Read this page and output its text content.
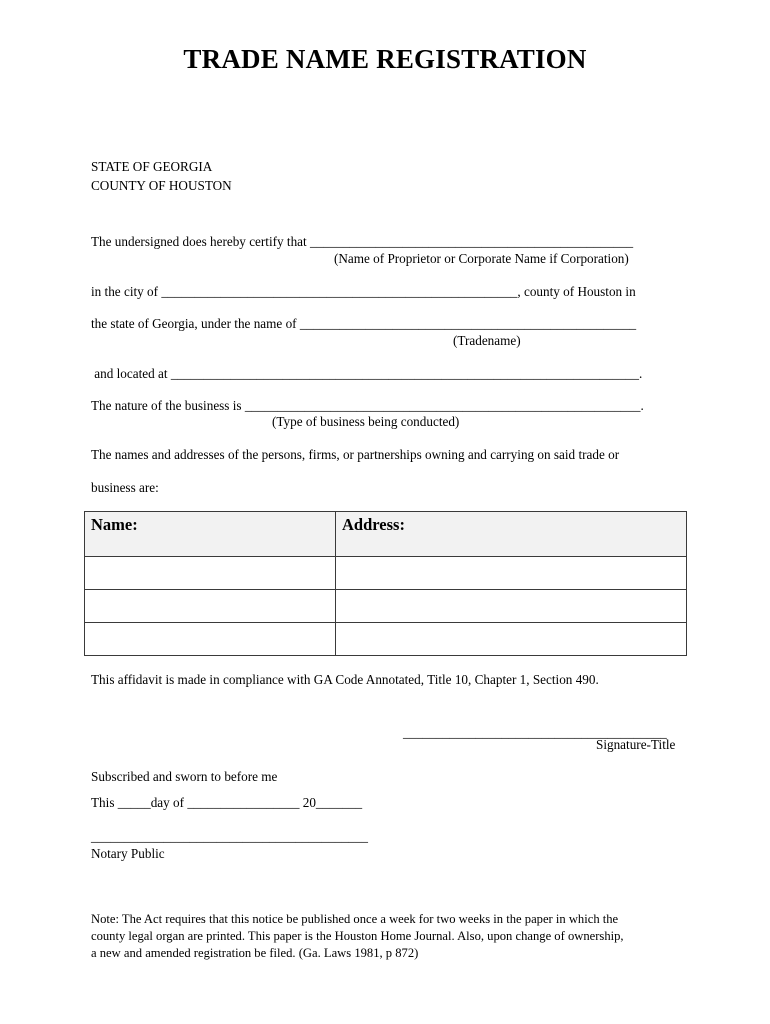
TRADE NAME REGISTRATION
STATE OF GEORGIA
COUNTY OF HOUSTON
The undersigned does hereby certify that _________________________________________________
(Name of Proprietor or Corporate Name if Corporation)
in the city of ______________________________________________________, county of Houston in
the state of Georgia, under the name of ___________________________________________________
(Tradename)
and located at _______________________________________________________________________.
The nature of the business is ____________________________________________________________.
(Type of business being conducted)
The names and addresses of the persons, firms, or partnerships owning and carrying on said trade or
business are:
Name:	Address:

This affidavit is made in compliance with GA Code Annotated, Title 10, Chapter 1, Section 490.
________________________________________
Signature-Title
Subscribed and sworn to before me
This _____day of _________________ 20_______
__________________________________________
Notary Public
Note: The Act requires that this notice be published once a week for two weeks in the paper in which the
county legal organ are printed. This paper is the Houston Home Journal. Also, upon change of ownership,
a new and amended registration be filed. (Ga. Laws 1981, p 872)
